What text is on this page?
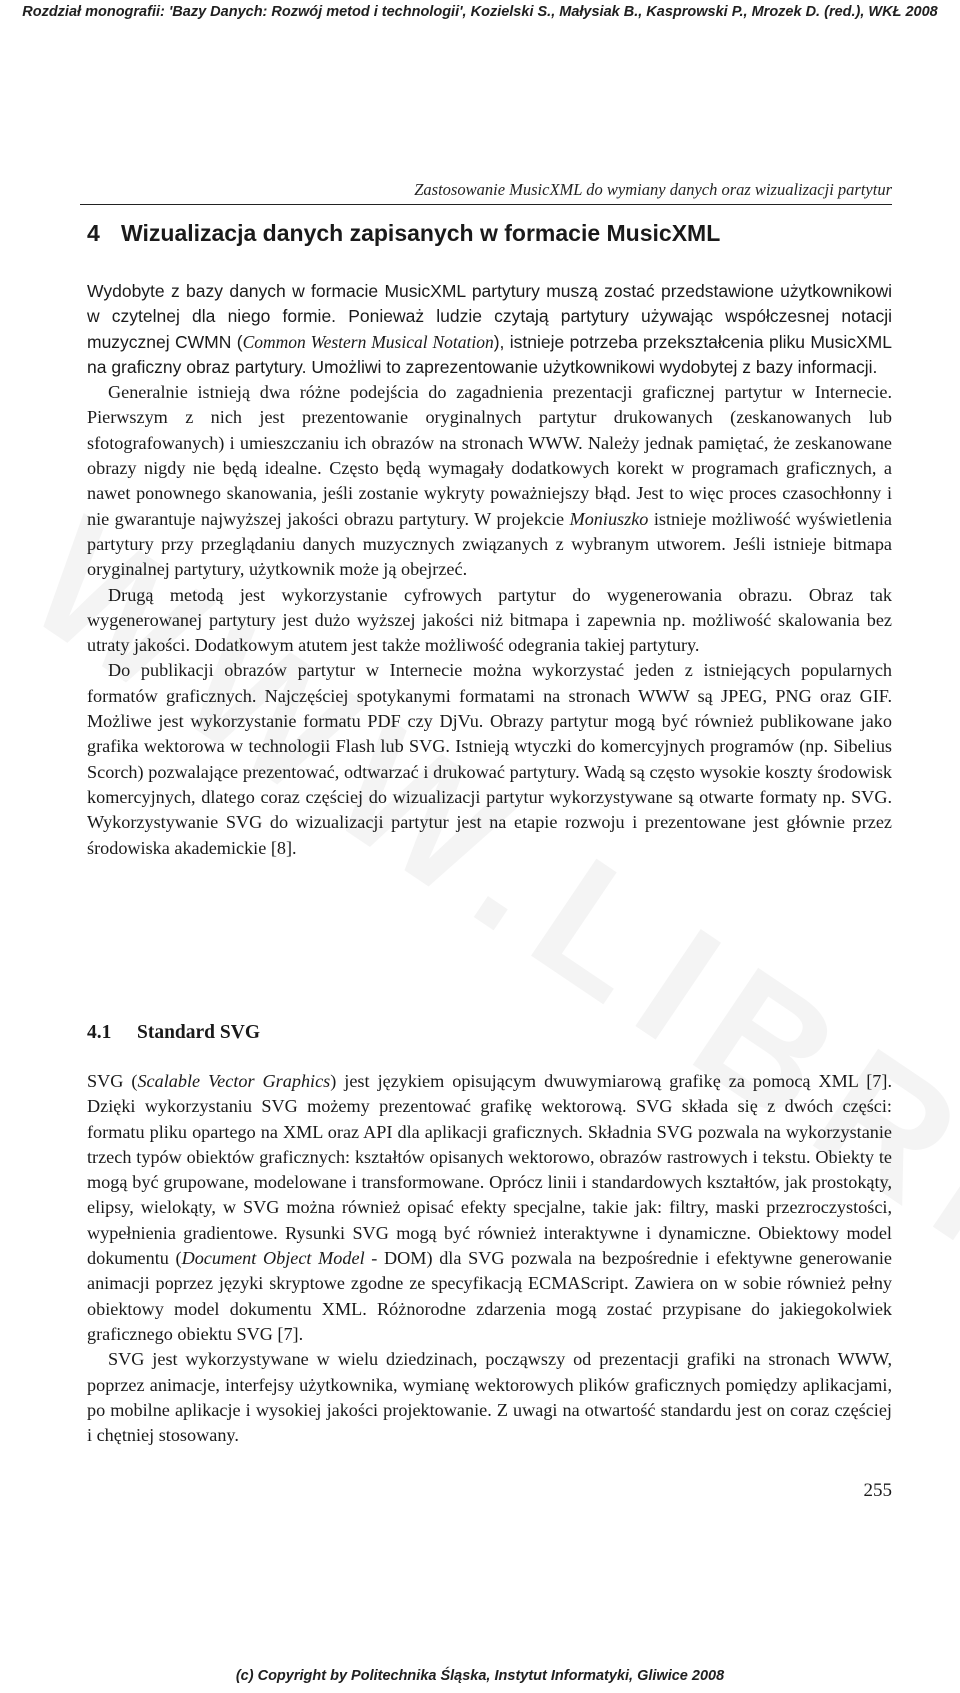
Rozdział monografii: 'Bazy Danych: Rozwój metod i technologii', Kozielski S., Małysiak B., Kasprowski P., Mrozek D. (red.), WKŁ 2008
Zastosowanie MusicXML do wymiany danych oraz wizualizacji partytur
4 Wizualizacja danych zapisanych w formacie MusicXML

Wydobyte z bazy danych w formacie MusicXML partytury muszą zostać przedstawione użytkownikowi w czytelnej dla niego formie. Ponieważ ludzie czytają partytury używając współczesnej notacji muzycznej CWMN (Common Western Musical Notation), istnieje potrzeba przekształcenia pliku MusicXML na graficzny obraz partytury. Umożliwi to zaprezentowanie użytkownikowi wydobytej z bazy informacji.

Generalnie istnieją dwa różne podejścia do zagadnienia prezentacji graficznej partytur w Internecie. Pierwszym z nich jest prezentowanie oryginalnych partytur drukowanych (zeskanowanych lub sfotografowanych) i umieszczaniu ich obrazów na stronach WWW. Należy jednak pamiętać, że zeskanowane obrazy nigdy nie będą idealne. Często będą wymagały dodatkowych korekt w programach graficznych, a nawet ponownego skanowania, jeśli zostanie wykryty poważniejszy błąd. Jest to więc proces czasochłonny i nie gwarantuje najwyższej jakości obrazu partytury. W projekcie Moniuszko istnieje możliwość wyświetlenia partytury przy przeglądaniu danych muzycznych związanych z wybranym utworem. Jeśli istnieje bitmapa oryginalnej partytury, użytkownik może ją obejrzeć.

Drugą metodą jest wykorzystanie cyfrowych partytur do wygenerowania obrazu. Obraz tak wygenerowanej partytury jest dużo wyższej jakości niż bitmapa i zapewnia np. możliwość skalowania bez utraty jakości. Dodatkowym atutem jest także możliwość odegrania takiej partytury.

Do publikacji obrazów partytur w Internecie można wykorzystać jeden z istniejących popularnych formatów graficznych. Najczęściej spotykanymi formatami na stronach WWW są JPEG, PNG oraz GIF. Możliwe jest wykorzystanie formatu PDF czy DjVu. Obrazy partytur mogą być również publikowane jako grafika wektorowa w technologii Flash lub SVG. Istnieją wtyczki do komercyjnych programów (np. Sibelius Scorch) pozwalające prezentować, odtwarzać i drukować partytury. Wadą są często wysokie koszty środowisk komercyjnych, dlatego coraz częściej do wizualizacji partytur wykorzystywane są otwarte formaty np. SVG. Wykorzystywanie SVG do wizualizacji partytur jest na etapie rozwoju i prezentowane jest głównie przez środowiska akademickie [8].

4.1 Standard SVG

SVG (Scalable Vector Graphics) jest językiem opisującym dwuwymiarową grafikę za pomocą XML [7]. Dzięki wykorzystaniu SVG możemy prezentować grafikę wektorową. SVG składa się z dwóch części: formatu pliku opartego na XML oraz API dla aplikacji graficznych. Składnia SVG pozwala na wykorzystanie trzech typów obiektów graficznych: kształtów opisanych wektorowo, obrazów rastrowych i tekstu. Obiekty te mogą być grupowane, modelowane i transformowane. Oprócz linii i standardowych kształtów, jak prostokąty, elipsy, wielokąty, w SVG można również opisać efekty specjalne, takie jak: filtry, maski przezroczystości, wypełnienia gradientowe. Rysunki SVG mogą być również interaktywne i dynamiczne. Obiektowy model dokumentu (Document Object Model - DOM) dla SVG pozwala na bezpośrednie i efektywne generowanie animacji poprzez języki skryptowe zgodne ze specyfikacją ECMAScript. Zawiera on w sobie również pełny obiektowy model dokumentu XML. Różnorodne zdarzenia mogą zostać przypisane do jakiegokolwiek graficznego obiektu SVG [7].

SVG jest wykorzystywane w wielu dziedzinach, począwszy od prezentacji grafiki na stronach WWW, poprzez animacje, interfejsy użytkownika, wymianę wektorowych plików graficznych pomiędzy aplikacjami, po mobilne aplikacje i wysokiej jakości projektowanie. Z uwagi na otwartość standardu jest on coraz częściej i chętniej stosowany.

255
(c) Copyright by Politechnika Śląska, Instytut Informatyki, Gliwice 2008
